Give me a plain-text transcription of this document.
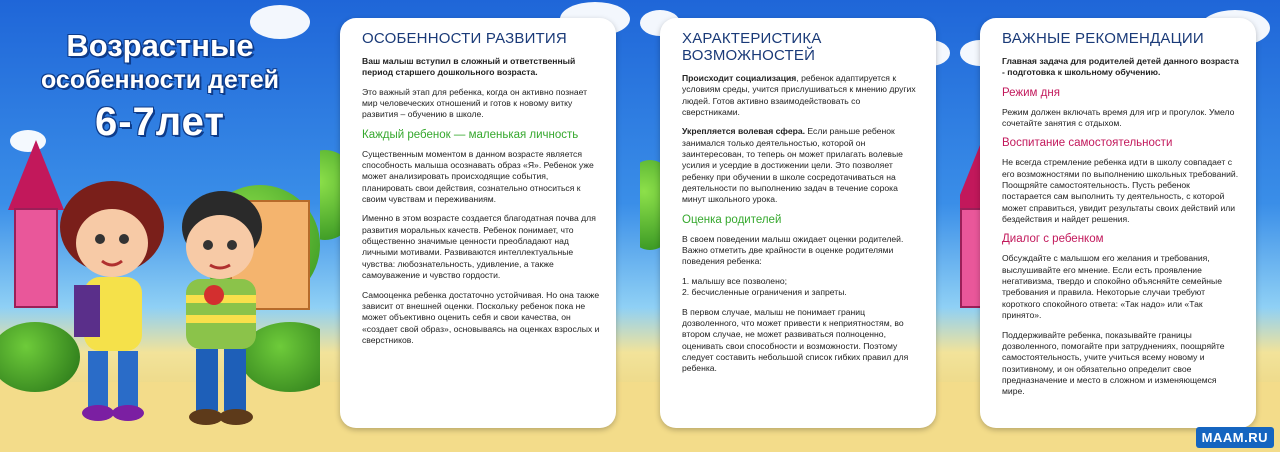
Возрастные
особенности детей
6-7лет
ОСОБЕННОСТИ РАЗВИТИЯ

Ваш малыш вступил в сложный и ответственный период старшего дошкольного возраста.

Это важный этап для ребенка, когда он активно познает мир человеческих отношений и готов к новому витку развития – обучению в школе.

Каждый ребенок — маленькая личность

Существенным моментом в данном возрасте является способность малыша осознавать образ «Я». Ребенок уже может анализировать происходящие события, планировать свои действия, сознательно относиться к своим чувствам и переживаниям.

Именно в этом возрасте создается благодатная почва для развития моральных качеств. Ребенок понимает, что общественно значимые ценности преобладают над личными мотивами. Развиваются интеллектуальные чувства: любознательность, удивление, а также самоуважение и чувство гордости.

Самооценка ребенка достаточно устойчивая. Но она также зависит от внешней оценки. Поскольку ребенок пока не может объективно оценить себя и свои качества, он «создает свой образ», основываясь на оценках взрослых и сверстников.

ХАРАКТЕРИСТИКА ВОЗМОЖНОСТЕЙ

Происходит социализация, ребенок адаптируется к условиям среды, учится прислушиваться к мнению других людей. Готов активно взаимодействовать со сверстниками.

Укрепляется волевая сфера. Если раньше ребенок занимался только деятельностью, которой он заинтересован, то теперь он может прилагать волевые усилия и усердие в достижении цели. Это позволяет ребенку при обучении в школе сосредотачиваться на деятельности по выполнению задач в течение сорока минут школьного урока.

Оценка родителей

В своем поведении малыш ожидает оценки родителей. Важно отметить две крайности в оценке родителями поведения ребенка:

1. малышу все позволено;
2. бесчисленные ограничения и запреты.

В первом случае, малыш не понимает границ дозволенного, что может привести к неприятностям, во втором случае, не может развиваться полноценно, оценивать свои способности и возможности. Поэтому следует составить небольшой список гибких правил для ребенка.

ВАЖНЫЕ РЕКОМЕНДАЦИИ

Главная задача для родителей детей данного возраста - подготовка к школьному обучению.

Режим дня

Режим должен включать время для игр и прогулок. Умело сочетайте занятия с отдыхом.

Воспитание самостоятельности

Не всегда стремление ребенка идти в школу совпадает с его возможностями по выполнению школьных требований. Поощряйте самостоятельность. Пусть ребенок постарается сам выполнить ту деятельность, с которой может справиться, увидит результаты своих действий или бездействия и найдет решения.

Диалог с ребенком

Обсуждайте с малышом его желания и требования, выслушивайте его мнение. Если есть проявление негативизма, твердо и спокойно объясняйте семейные требования и правила. Некоторые случаи требуют короткого спокойного ответа: «Так надо» или «Так принято».

Поддерживайте ребенка, показывайте границы дозволенного, помогайте при затруднениях, поощряйте самостоятельность, учите учиться всему новому и позитивному, и он обязательно определит свое предназначение и место в сложном и изменяющемся мире.

MAAM.RU
